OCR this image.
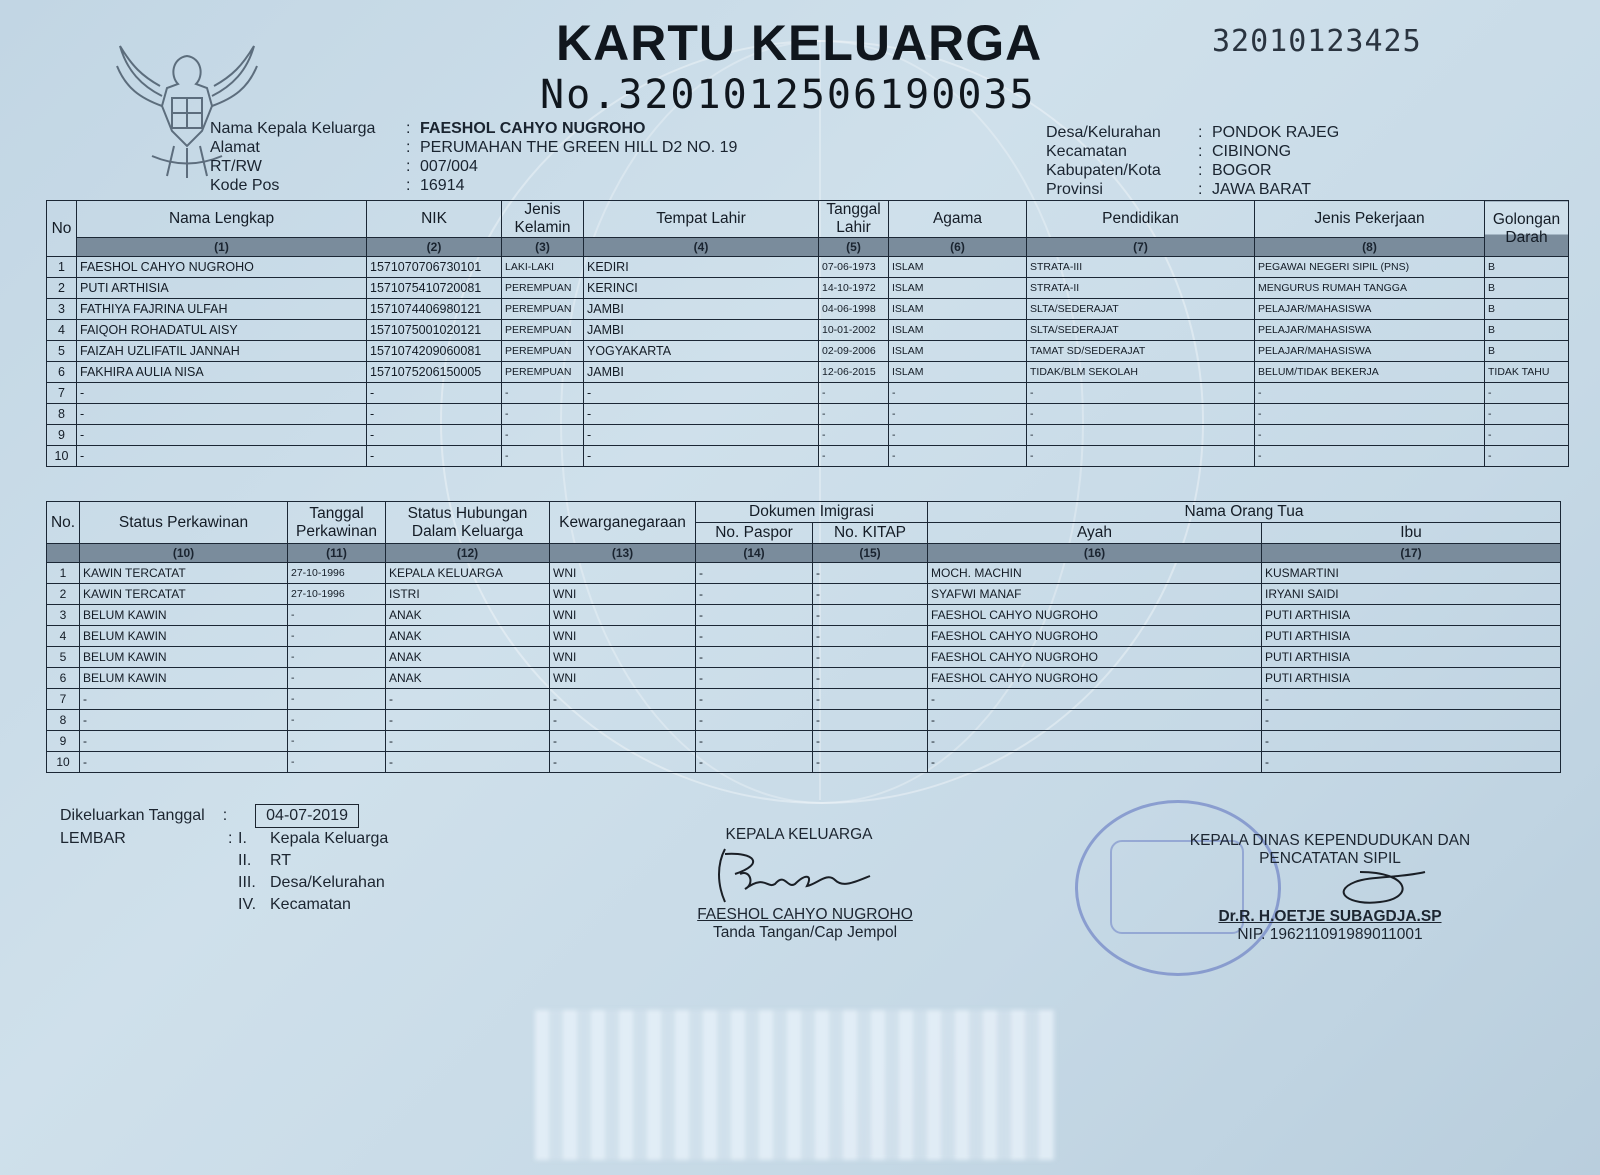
KARTU KELUARGA
No.3201012506190035
32010123425
Nama Kepala Keluarga	: FAESHOL CAHYO NUGROHO
Alamat	: PERUMAHAN THE GREEN HILL D2 NO. 19
RT/RW	: 007/004
Kode Pos	: 16914
Desa/Kelurahan	: PONDOK RAJEG
Kecamatan	: CIBINONG
Kabupaten/Kota	: BOGOR
Provinsi	: JAWA BARAT
No	Nama Lengkap	NIK	Jenis Kelamin	Tempat Lahir	Tanggal Lahir	Agama	Pendidikan	Jenis Pekerjaan	Golongan Darah	
	(1)	(2)	(3)	(4)	(5)	(6)	(7)	(8)	
1	FAESHOL CAHYO NUGROHO	1571070706730101	LAKI-LAKI	KEDIRI	07-06-1973	ISLAM	STRATA-III	PEGAWAI NEGERI SIPIL (PNS)	B	
2	PUTI ARTHISIA	1571075410720081	PEREMPUAN	KERINCI	14-10-1972	ISLAM	STRATA-II	MENGURUS RUMAH TANGGA	B	
3	FATHIYA FAJRINA ULFAH	1571074406980121	PEREMPUAN	JAMBI	04-06-1998	ISLAM	SLTA/SEDERAJAT	PELAJAR/MAHASISWA	B	
4	FAIQOH ROHADATUL AISY	1571075001020121	PEREMPUAN	JAMBI	10-01-2002	ISLAM	SLTA/SEDERAJAT	PELAJAR/MAHASISWA	B	
5	FAIZAH UZLIFATIL JANNAH	1571074209060081	PEREMPUAN	YOGYAKARTA	02-09-2006	ISLAM	TAMAT SD/SEDERAJAT	PELAJAR/MAHASISWA	B	
6	FAKHIRA AULIA NISA	1571075206150005	PEREMPUAN	JAMBI	12-06-2015	ISLAM	TIDAK/BLM SEKOLAH	BELUM/TIDAK BEKERJA	TIDAK TAHU	
7	-	-	-	-	-	-	-	-	-	
8	-	-	-	-	-	-	-	-	-	
9	-	-	-	-	-	-	-	-	-	
10	-	-	-	-	-	-	-	-	-	
No.	Status Perkawinan	Tanggal Perkawinan	Status Hubungan Dalam Keluarga	Kewarganegaraan	Dokumen Imigrasi		Nama Orang Tua	
					No. Paspor	No. KITAP	Ayah	Ibu
	(10)	(11)	(12)	(13)	(14)	(15)	(16)	(17)
1	KAWIN TERCATAT	27-10-1996	KEPALA KELUARGA	WNI	-	-	MOCH. MACHIN	KUSMARTINI
2	KAWIN TERCATAT	27-10-1996	ISTRI	WNI	-	-	SYAFWI MANAF	IRYANI SAIDI
3	BELUM KAWIN	-	ANAK	WNI	-	-	FAESHOL CAHYO NUGROHO	PUTI ARTHISIA
4	BELUM KAWIN	-	ANAK	WNI	-	-	FAESHOL CAHYO NUGROHO	PUTI ARTHISIA
5	BELUM KAWIN	-	ANAK	WNI	-	-	FAESHOL CAHYO NUGROHO	PUTI ARTHISIA
6	BELUM KAWIN	-	ANAK	WNI	-	-	FAESHOL CAHYO NUGROHO	PUTI ARTHISIA
7	-	-	-	-	-	-	-	-
8	-	-	-	-	-	-	-	-
9	-	-	-	-	-	-	-	-
10	-	-	-	-	-	-	-	-
Dikeluarkan Tanggal : 04-07-2019
LEMBAR	: I. Kepala Keluarga
II. RT
III. Desa/Kelurahan
IV. Kecamatan
KEPALA KELUARGA
FAESHOL CAHYO NUGROHO
Tanda Tangan/Cap Jempol
KEPALA DINAS KEPENDUDUKAN DAN
PENCATATAN SIPIL
Dr.R. H.OETJE SUBAGDJA.SP
NIP. 196211091989011001
